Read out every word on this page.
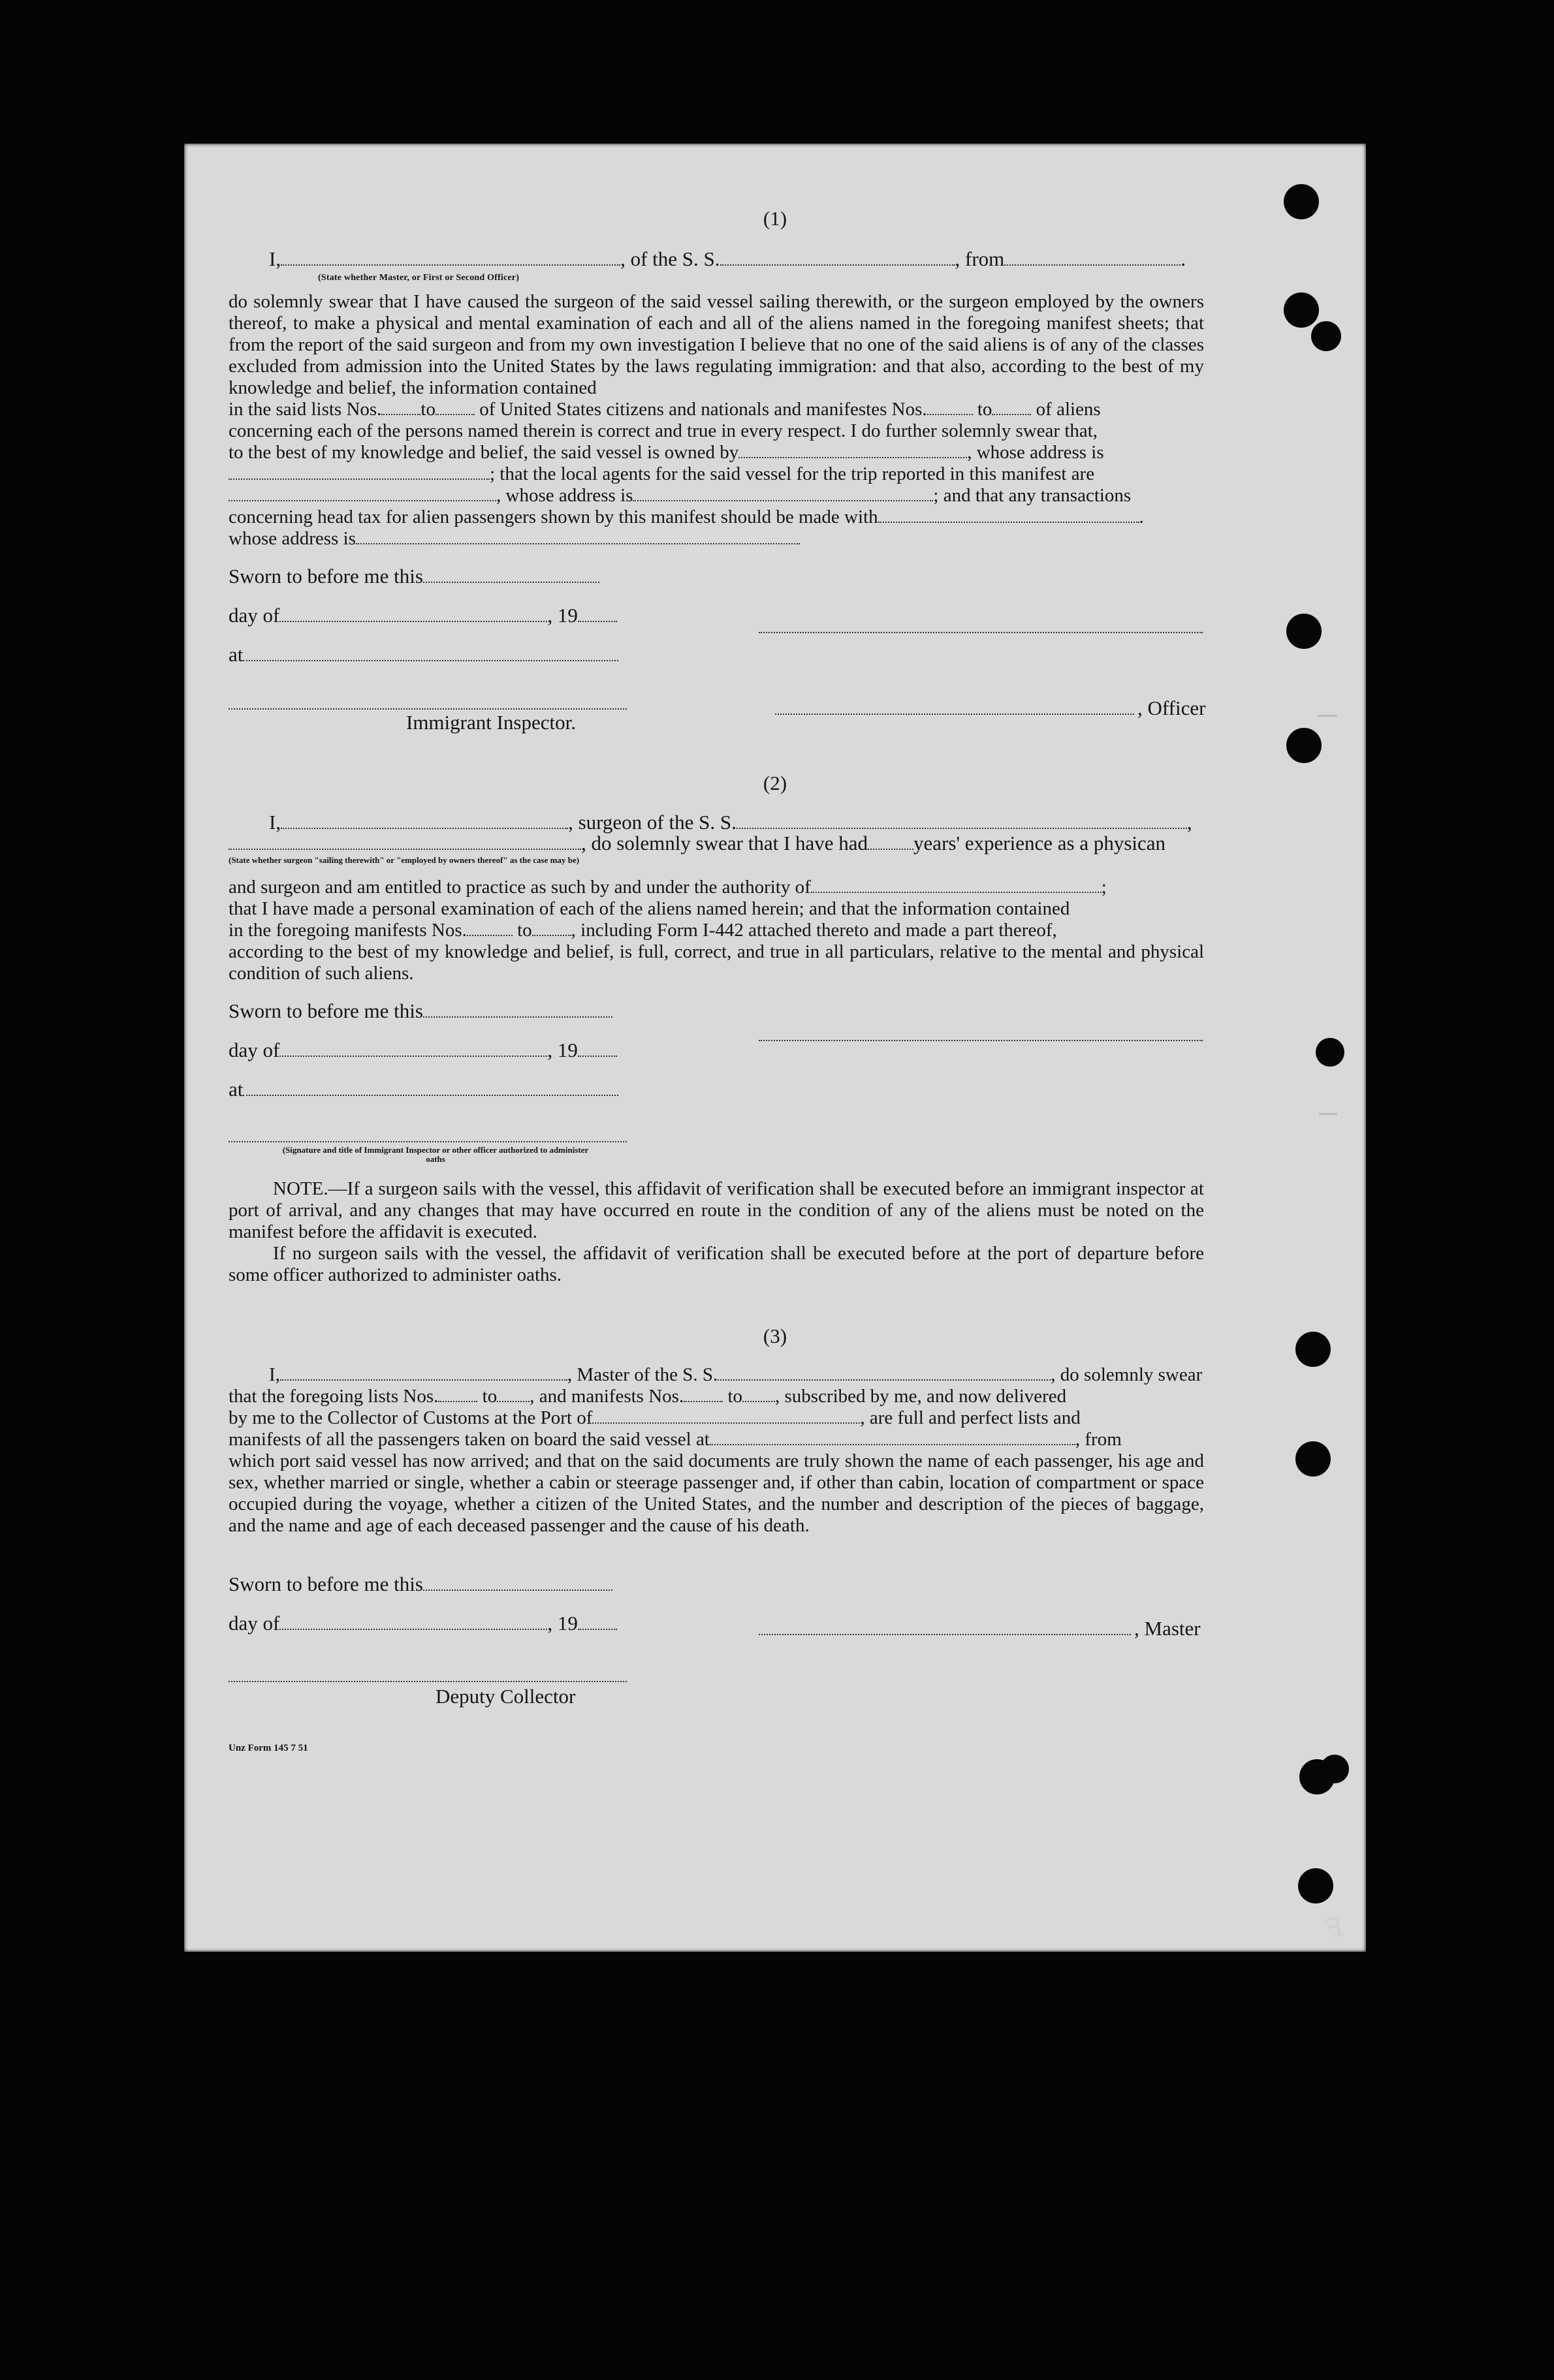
(1)
I,	, of the S. S.	, from	.
(State whether Master, or First or Second Officer)
do solemnly swear that I have caused the surgeon of the said vessel sailing therewith, or the surgeon employed by the owners thereof, to make a physical and mental examination of each and all of the aliens named in the foregoing manifest sheets; that from the report of the said surgeon and from my own investigation I believe that no one of the said aliens is of any of the classes excluded from admission into the United States by the laws regulating immigration: and that also, according to the best of my knowledge and belief, the information contained
in the said lists Nos. to of United States citizens and nationals and manifestes Nos.	to of aliens
concerning each of the persons named therein is correct and true in every respect. I do further solemnly swear that,
to the best of my knowledge and belief, the said vessel is owned by	, whose address is
; that the local agents for the said vessel for the trip reported in this manifest are
, whose address is	; and that any transactions
concerning head tax for alien passengers shown by this manifest should be made with	.
whose address is
Sworn to before me this
day of	, 19
at
, Officer
Immigrant Inspector.
(2)
I,	, surgeon of the S. S.	,
, do solemnly swear that I have had years' experience as a physican
(State whether surgeon "sailing therewith" or "employed by owners thereof" as the case may be)
and surgeon and am entitled to practice as such by and under the authority of	;
that I have made a personal examination of each of the aliens named herein; and that the information contained
in the foregoing manifests Nos.	to , including Form I-442 attached thereto and made a part thereof,
according to the best of my knowledge and belief, is full, correct, and true in all particulars, relative to the mental and physical condition of such aliens.
Sworn to before me this
day of	, 19
at
(Signature and title of Immigrant Inspector or other officer authorized to administer oaths
NOTE.—If a surgeon sails with the vessel, this affidavit of verification shall be executed before an immigrant inspector at port of arrival, and any changes that may have occurred en route in the condition of any of the aliens must be noted on the manifest before the affidavit is executed.
If no surgeon sails with the vessel, the affidavit of verification shall be executed before at the port of departure before some officer authorized to administer oaths.
(3)
I,	, Master of the S. S.	, do solemnly swear
that the foregoing lists Nos. to , and manifests Nos. to , subscribed by me, and now delivered
by me to the Collector of Customs at the Port of	, are full and perfect lists and
manifests of all the passengers taken on board the said vessel at	, from
which port said vessel has now arrived; and that on the said documents are truly shown the name of each passenger, his age and sex, whether married or single, whether a cabin or steerage passenger and, if other than cabin, location of compartment or space occupied during the voyage, whether a citizen of the United States, and the number and description of the pieces of baggage, and the name and age of each deceased passenger and the cause of his death.
Sworn to before me this
day of	, 19	, Master
Deputy Collector
Unz Form 145 7 51
ꟻ
